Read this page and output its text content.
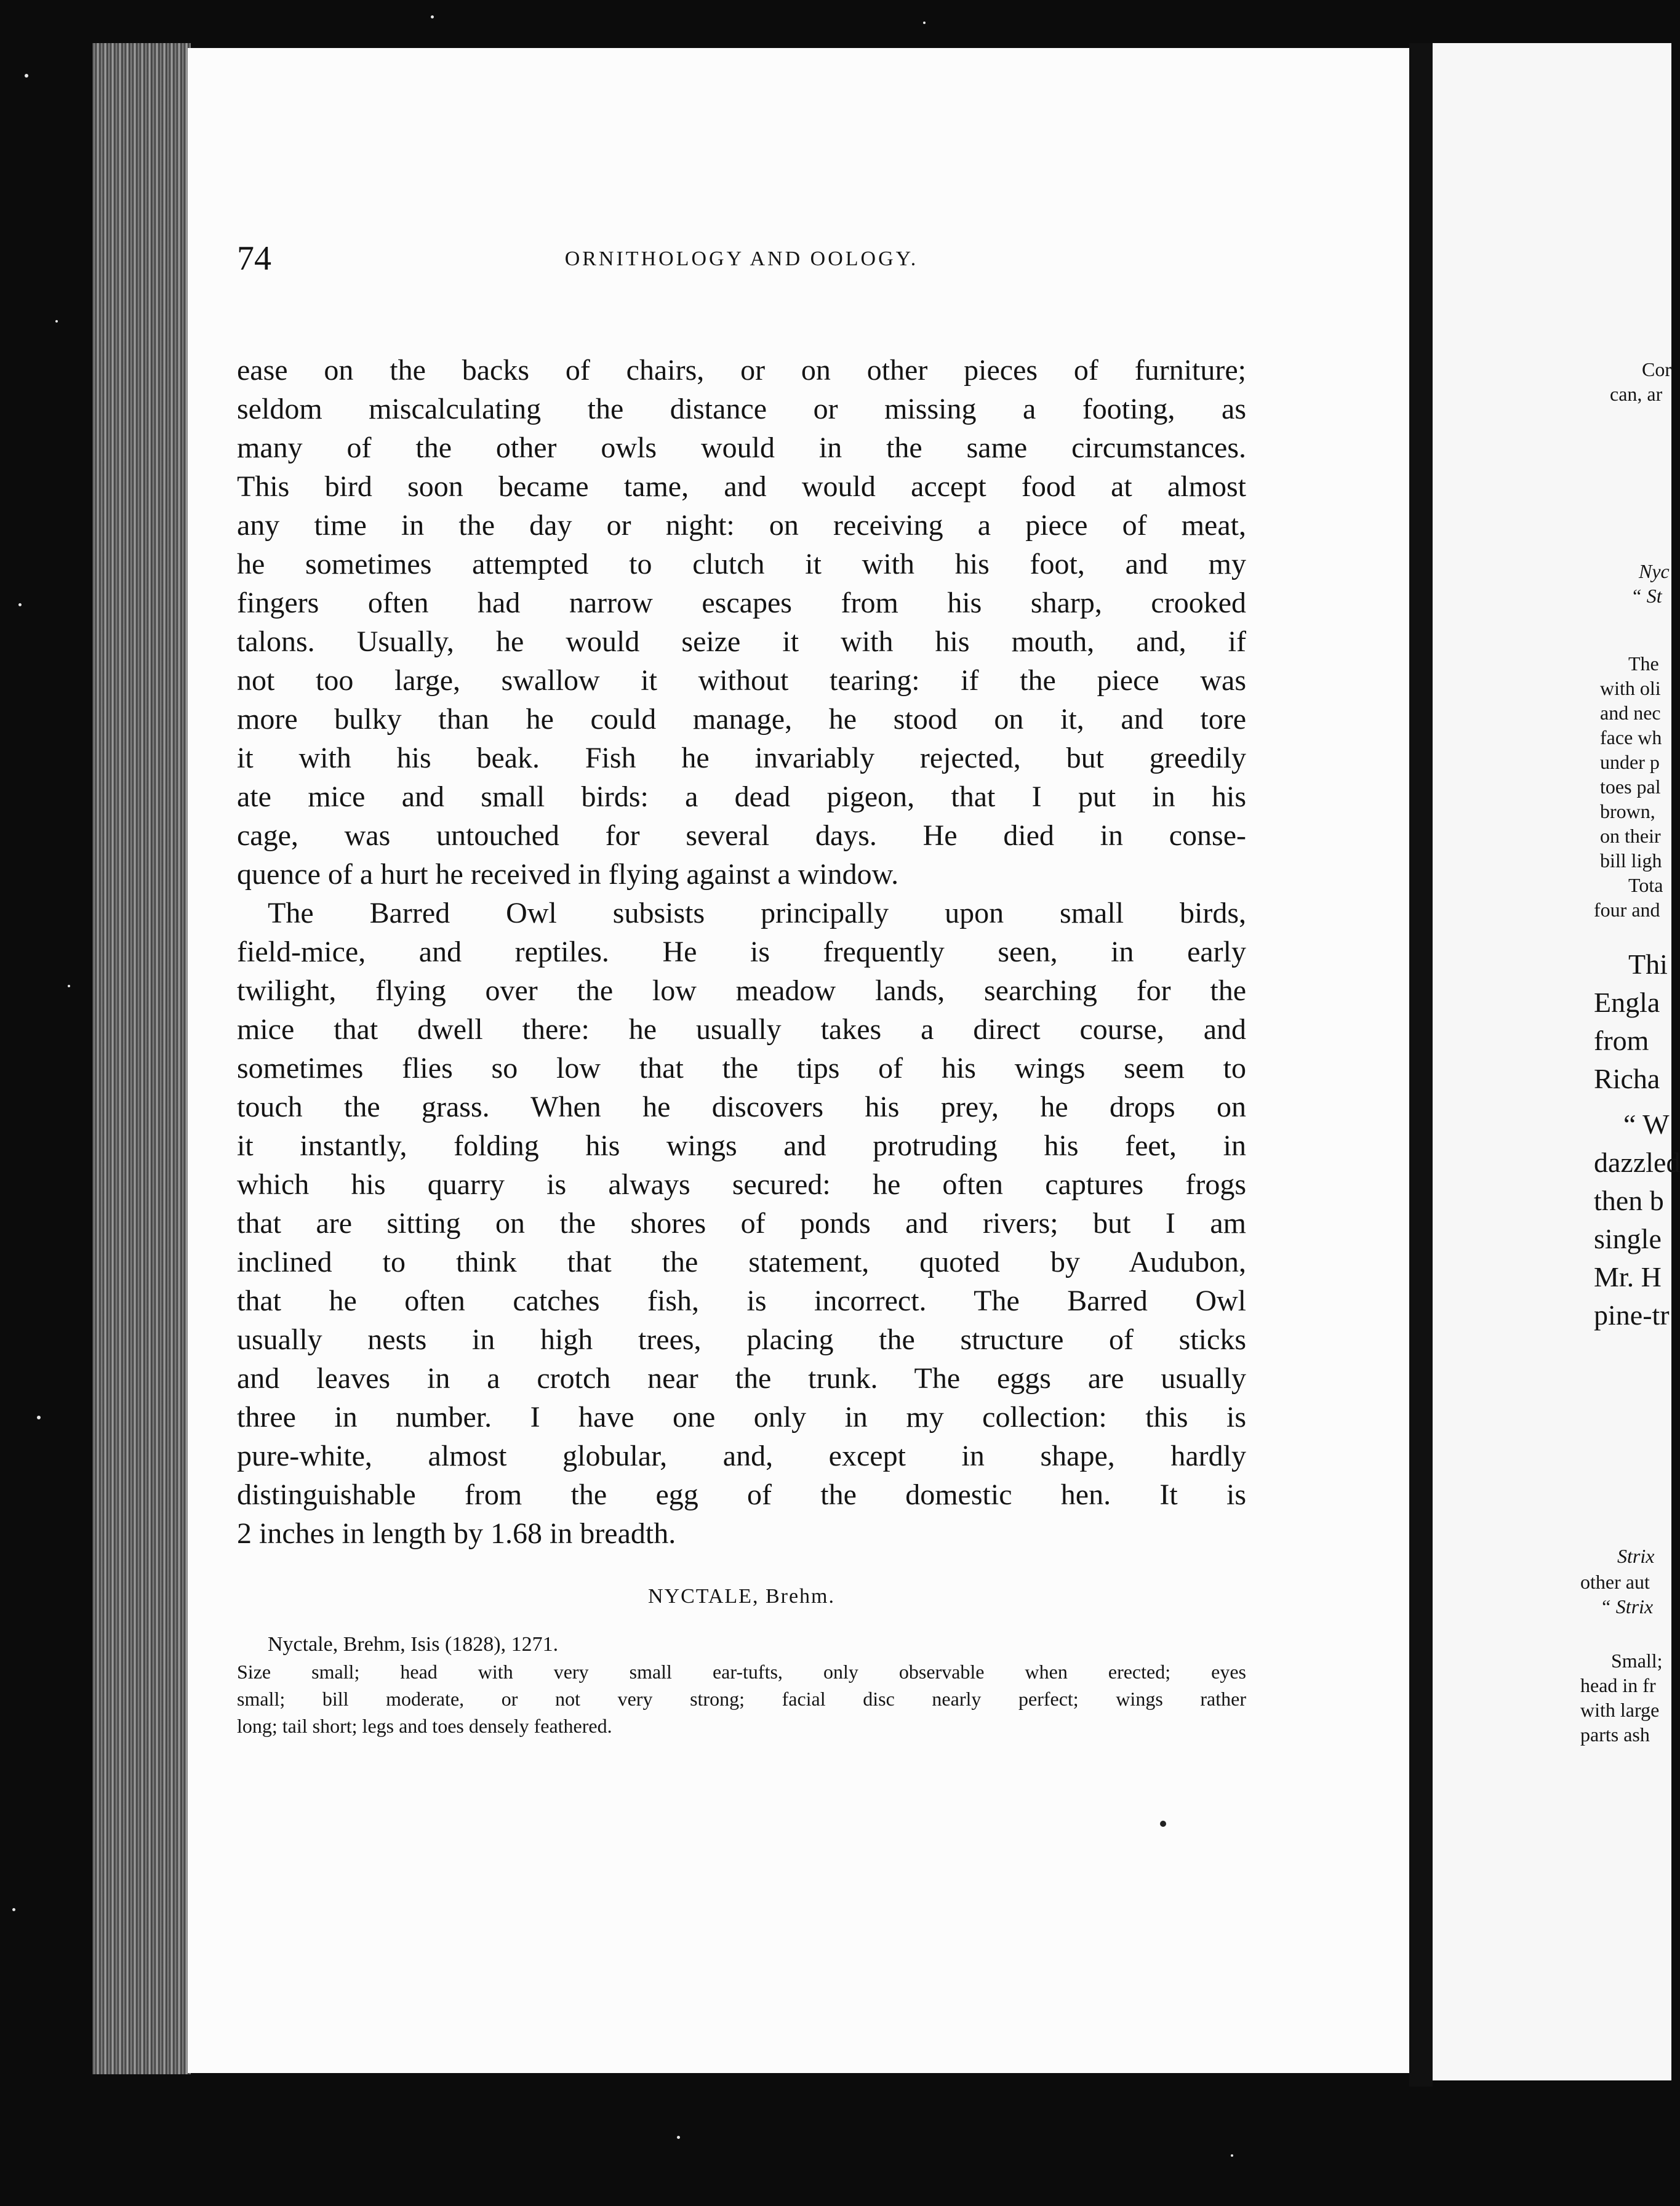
74	ORNITHOLOGY AND OOLOGY.
ease on the backs of chairs, or on other pieces of furniture;
seldom miscalculating the distance or missing a footing, as
many of the other owls would in the same circumstances.
This bird soon became tame, and would accept food at almost
any time in the day or night: on receiving a piece of meat,
he sometimes attempted to clutch it with his foot, and my
fingers often had narrow escapes from his sharp, crooked
talons. Usually, he would seize it with his mouth, and, if
not too large, swallow it without tearing: if the piece was
more bulky than he could manage, he stood on it, and tore
it with his beak. Fish he invariably rejected, but greedily
ate mice and small birds: a dead pigeon, that I put in his
cage, was untouched for several days. He died in conse-
quence of a hurt he received in flying against a window.
The Barred Owl subsists principally upon small birds,
field-mice, and reptiles. He is frequently seen, in early
twilight, flying over the low meadow lands, searching for the
mice that dwell there: he usually takes a direct course, and
sometimes flies so low that the tips of his wings seem to
touch the grass. When he discovers his prey, he drops on
it instantly, folding his wings and protruding his feet, in
which his quarry is always secured: he often captures frogs
that are sitting on the shores of ponds and rivers; but I am
inclined to think that the statement, quoted by Audubon,
that he often catches fish, is incorrect. The Barred Owl
usually nests in high trees, placing the structure of sticks
and leaves in a crotch near the trunk. The eggs are usually
three in number. I have one only in my collection: this is
pure-white, almost globular, and, except in shape, hardly
distinguishable from the egg of the domestic hen. It is
2 inches in length by 1.68 in breadth.
NYCTALE, Brehm.
Nyctale, Brehm, Isis (1828), 1271.
Size small; head with very small ear-tufts, only observable when erected; eyes
small; bill moderate, or not very strong; facial disc nearly perfect; wings rather
long; tail short; legs and toes densely feathered.
Cor
can, ar
Nyc
“ St
The
with oli
and nec
face wh
under p
toes pal
brown,
on their
bill ligh
Tota
four and
Thi
Engla
from
Richa
“ W
dazzled
then b
single
Mr. H
pine-tr
Strix
other aut
“ Strix
Small;
head in fr
with large
parts ash
